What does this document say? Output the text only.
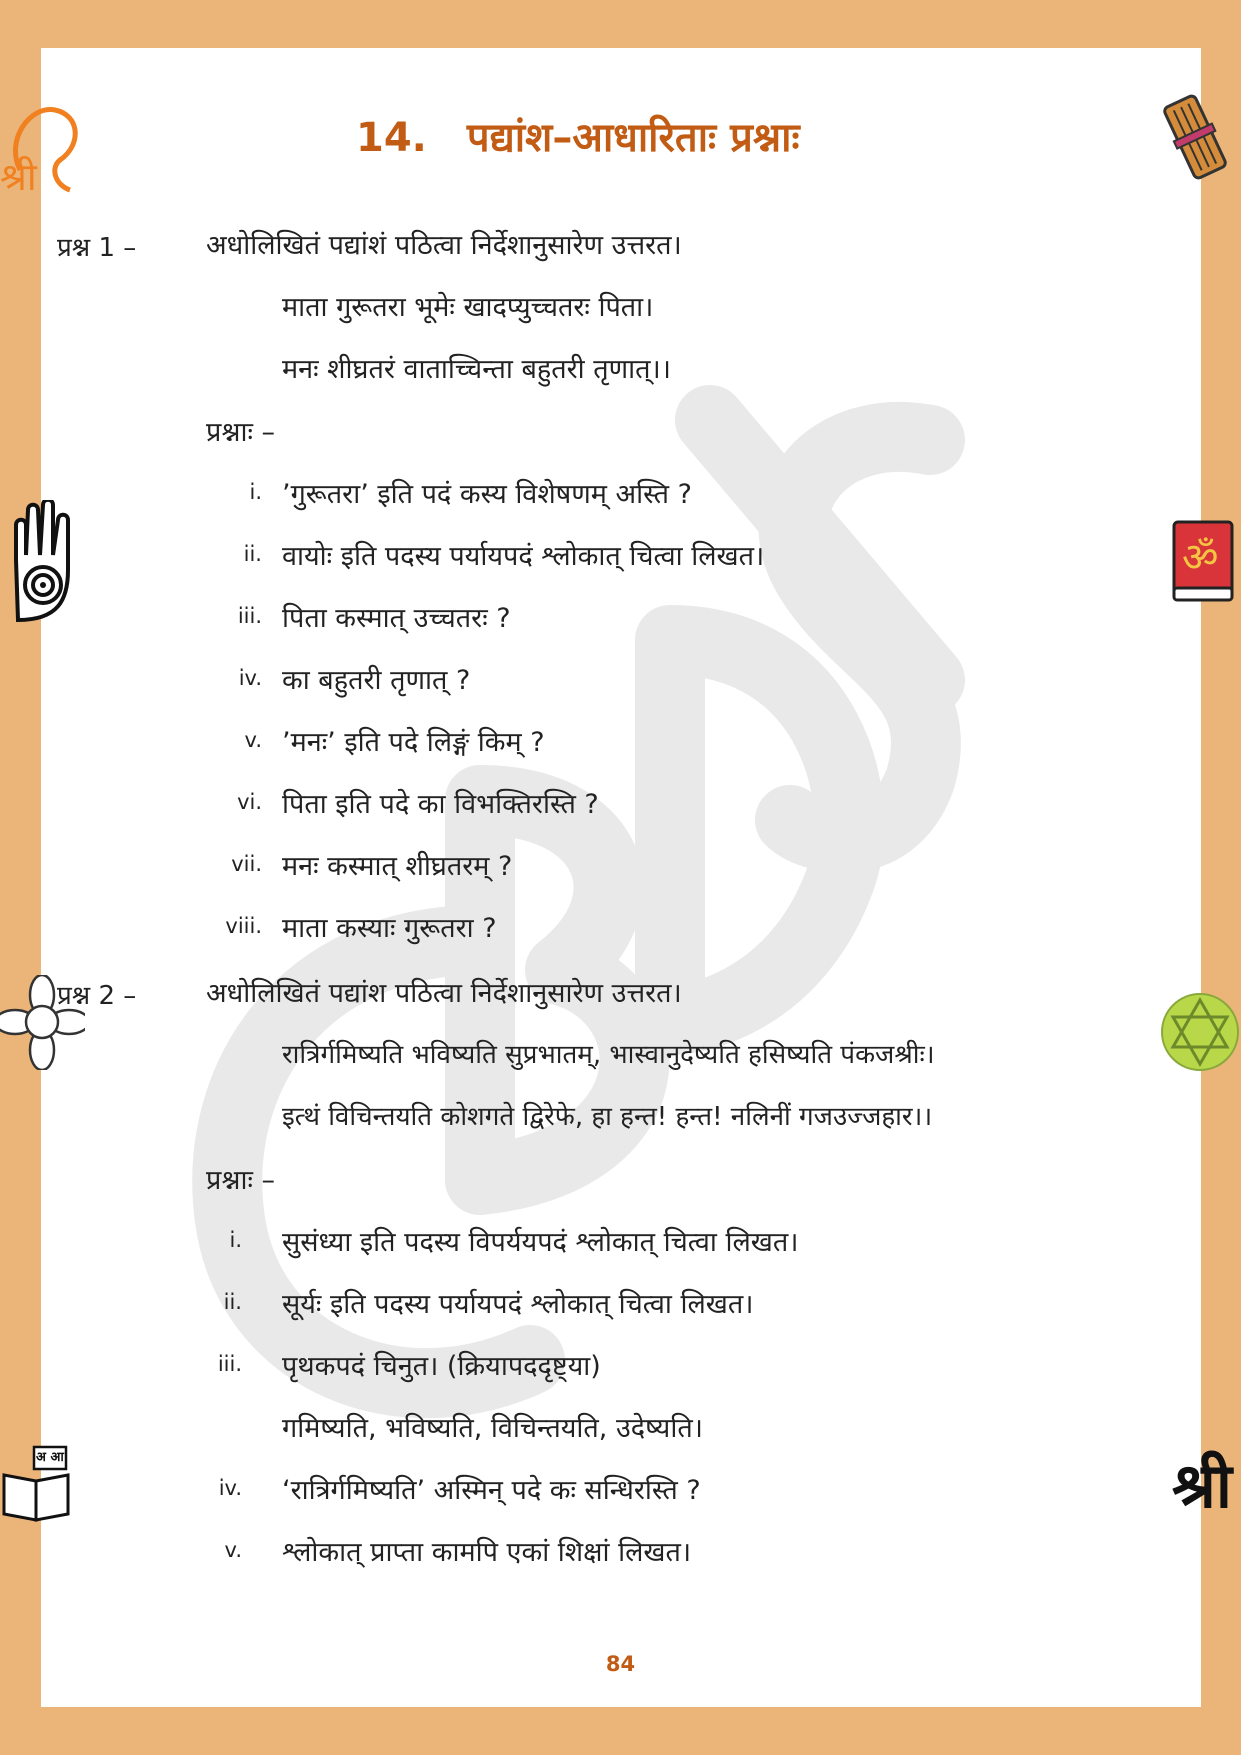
श्री
ॐ
अ आ	श्री
14. पद्यांश–आधारिताः प्रश्नाः
प्रश्न 1 –	अधोलिखितं पद्यांशं पठित्वा निर्देशानुसारेण उत्तरत।
माता गुरूतरा भूमेः खादप्युच्चतरः पिता।
मनः शीघ्रतरं वाताच्चिन्ता बहुतरी तृणात्।।
प्रश्नाः –
i. ’गुरूतरा’ इति पदं कस्य विशेषणम् अस्ति ?
ii. वायोः इति पदस्य पर्यायपदं श्लोकात् चित्वा लिखत।
iii. पिता कस्मात् उच्चतरः ?
iv. का बहुतरी तृणात् ?
v. ’मनः’ इति पदे लिङ्गं किम् ?
vi. पिता इति पदे का विभक्तिरस्ति ?
vii. मनः कस्मात् शीघ्रतरम् ?
viii. माता कस्याः गुरूतरा ?
प्रश्न 2 –	अधोलिखितं पद्यांश पठित्वा निर्देशानुसारेण उत्तरत।
रात्रिर्गमिष्यति भविष्यति सुप्रभातम्, भास्वानुदेष्यति हसिष्यति पंकजश्रीः।
इत्थं विचिन्तयति कोशगते द्विरेफे, हा हन्त! हन्त! नलिनीं गजउज्जहार।।
प्रश्नाः –
i. सुसंध्या इति पदस्य विपर्ययपदं श्लोकात् चित्वा लिखत।
ii. सूर्यः इति पदस्य पर्यायपदं श्लोकात् चित्वा लिखत।
iii. पृथकपदं चिनुत। (क्रियापददृष्ट्या)
गमिष्यति, भविष्यति, विचिन्तयति, उदेष्यति।
iv. ‘रात्रिर्गमिष्यति’ अस्मिन् पदे कः सन्धिरस्ति ?
v. श्लोकात् प्राप्ता कामपि एकां शिक्षां लिखत।
84
